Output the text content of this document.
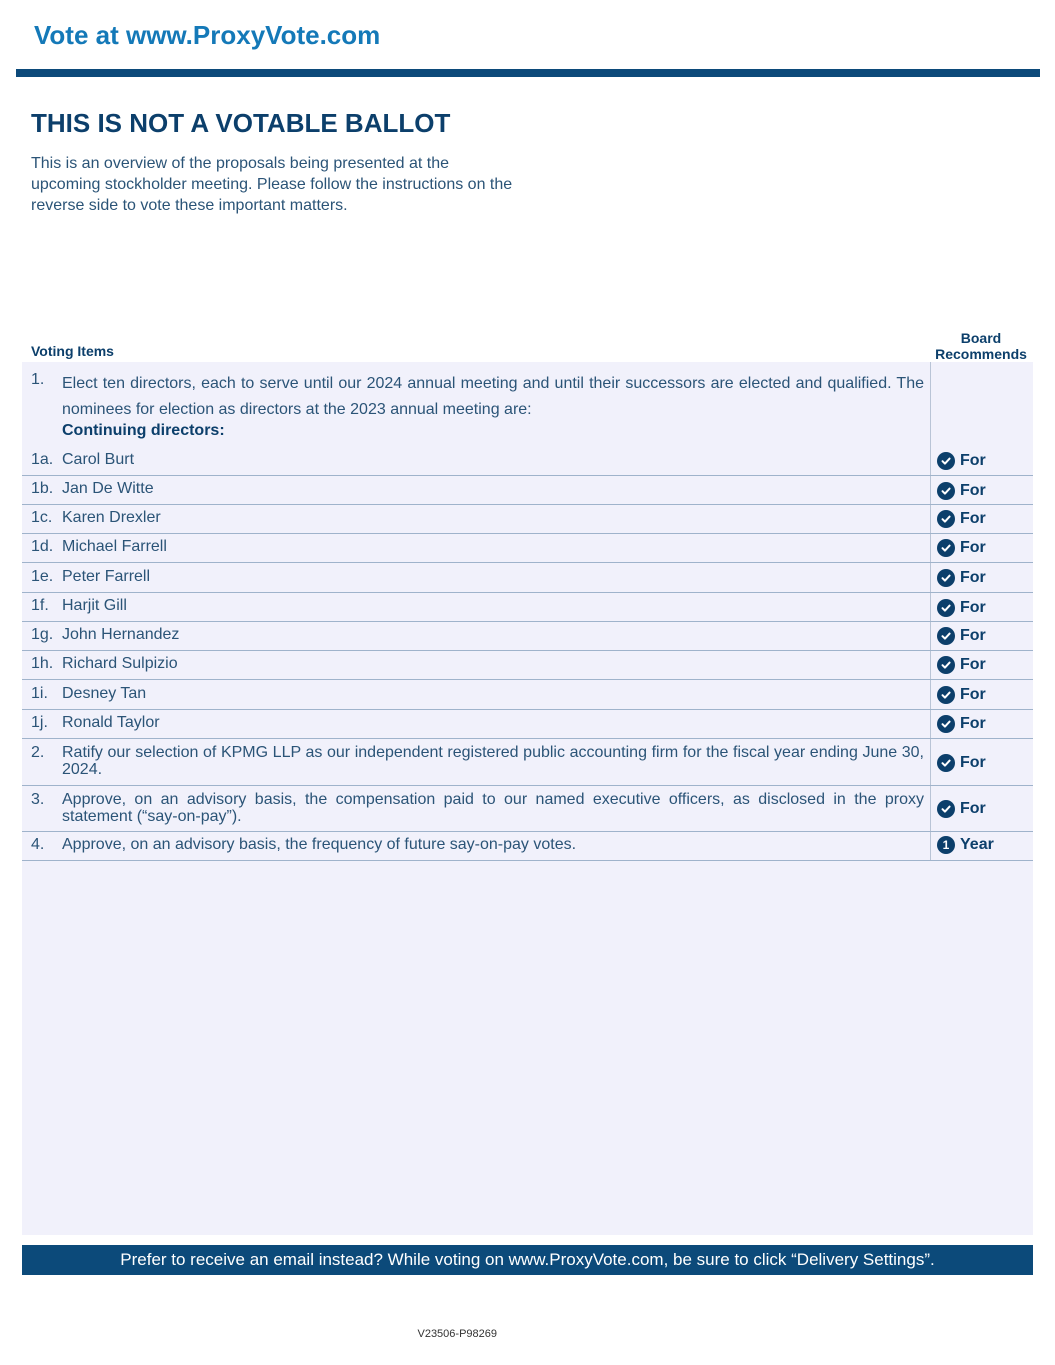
Vote at www.ProxyVote.com
THIS IS NOT A VOTABLE BALLOT
This is an overview of the proposals being presented at the upcoming stockholder meeting. Please follow the instructions on the reverse side to vote these important matters.
Voting Items
Board
Recommends
1. Elect ten directors, each to serve until our 2024 annual meeting and until their successors are elected and qualified. The nominees for election as directors at the 2023 annual meeting are:
Continuing directors:
1a. Carol Burt	For
1b. Jan De Witte	For
1c. Karen Drexler	For
1d. Michael Farrell	For
1e. Peter Farrell	For
1f. Harjit Gill	For
1g. John Hernandez	For
1h. Richard Sulpizio	For
1i. Desney Tan	For
1j. Ronald Taylor	For
2. Ratify our selection of KPMG LLP as our independent registered public accounting firm for the fiscal year ending June 30, 2024.	For
3. Approve, on an advisory basis, the compensation paid to our named executive officers, as disclosed in the proxy statement (“say-on-pay”).	For
4. Approve, on an advisory basis, the frequency of future say-on-pay votes.	1 Year
Prefer to receive an email instead? While voting on www.ProxyVote.com, be sure to click “Delivery Settings”.
V23506-P98269
